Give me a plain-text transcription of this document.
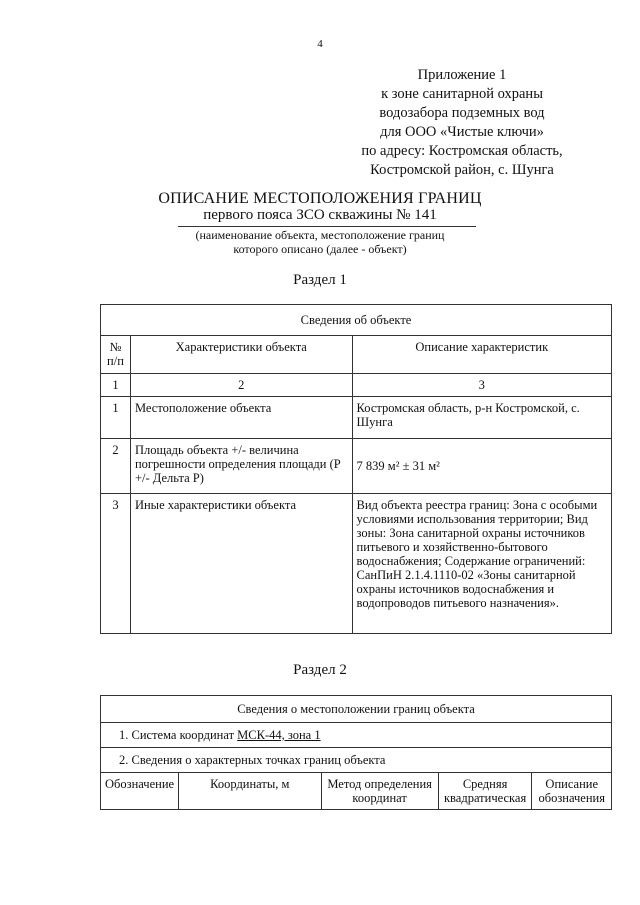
4
Приложение 1
к зоне санитарной охраны
водозабора подземных вод
для ООО «Чистые ключи»
по адресу: Костромская область,
Костромской район, с. Шунга
ОПИСАНИЕ МЕСТОПОЛОЖЕНИЯ ГРАНИЦ
первого пояса ЗСО скважины № 141
(наименование объекта, местоположение границ
которого описано (далее - объект)
Раздел 1
Сведения об объекте		
№ п/п	Характеристики объекта	Описание характеристик
1	2	3
1	Местоположение объекта	Костромская область, р-н Костромской, с. Шунга
2	Площадь объекта +/- величина погрешности определения площади (Р +/- Дельта Р)	7 839 м² ± 31 м²
3	Иные характеристики объекта	Вид объекта реестра границ: Зона с особыми условиями использования территории; Вид зоны: Зона санитарной охраны источников питьевого и хозяйственно-бытового водоснабжения; Содержание ограничений: СанПиН 2.1.4.1110-02 «Зоны санитарной охраны источников водоснабжения и водопроводов питьевого назначения».
Раздел 2
Сведения о местоположении границ объекта
1. Система координат МСК-44, зона 1
2. Сведения о характерных точках границ объекта
Обозначение	Координаты, м	Метод определения координат	Средняя квадратическая	Описание обозначения
